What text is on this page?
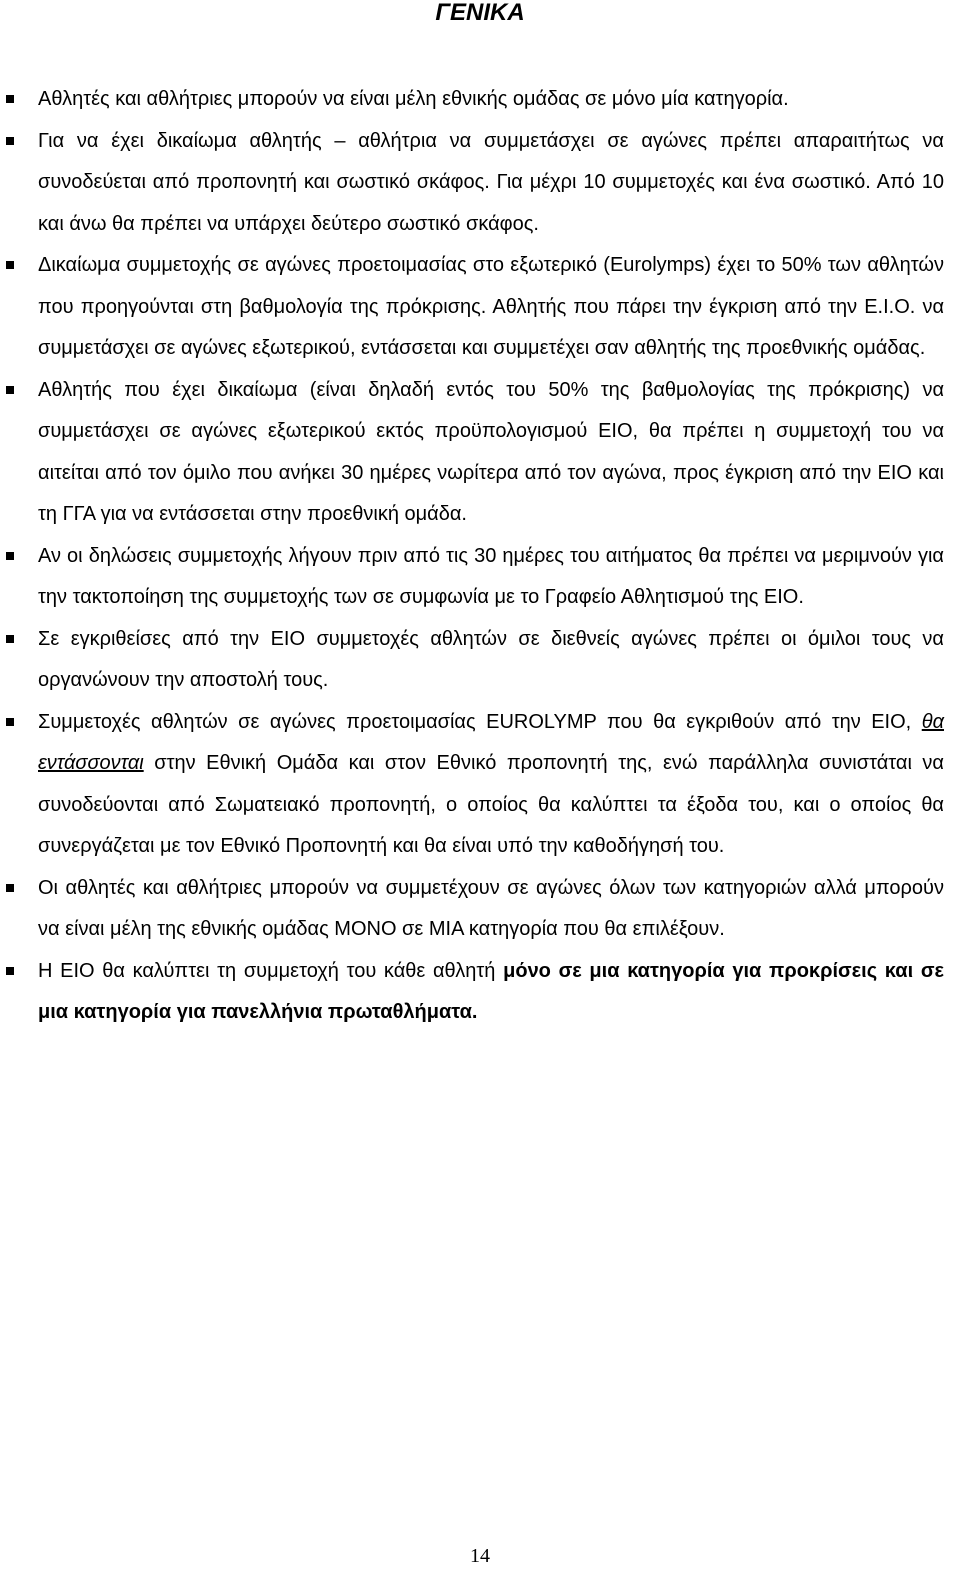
ΓΕΝΙΚΑ
Αθλητές και αθλήτριες μπορούν να είναι μέλη εθνικής ομάδας σε μόνο μία κατηγορία.
Για να έχει δικαίωμα αθλητής – αθλήτρια να συμμετάσχει σε αγώνες πρέπει απαραιτήτως να συνοδεύεται από προπονητή και σωστικό σκάφος. Για μέχρι 10 συμμετοχές και ένα σωστικό. Από 10 και άνω θα πρέπει να υπάρχει δεύτερο σωστικό σκάφος.
Δικαίωμα συμμετοχής σε αγώνες προετοιμασίας στο εξωτερικό (Eurolymps) έχει το 50% των αθλητών που προηγούνται στη βαθμολογία της πρόκρισης. Αθλητής που πάρει την έγκριση από την Ε.Ι.Ο. να συμμετάσχει σε αγώνες εξωτερικού, εντάσσεται και συμμετέχει σαν αθλητής της προεθνικής ομάδας.
Αθλητής που έχει δικαίωμα (είναι δηλαδή εντός του 50% της βαθμολογίας της πρόκρισης) να συμμετάσχει σε αγώνες εξωτερικού εκτός προϋπολογισμού ΕΙΟ, θα πρέπει η συμμετοχή του να αιτείται από τον όμιλο που ανήκει 30 ημέρες νωρίτερα από τον αγώνα, προς έγκριση από την ΕΙΟ και τη ΓΓΑ για να εντάσσεται στην προεθνική ομάδα.
Αν οι δηλώσεις συμμετοχής λήγουν πριν από τις 30 ημέρες του αιτήματος θα πρέπει να μεριμνούν για την τακτοποίηση της συμμετοχής των σε συμφωνία με το Γραφείο Αθλητισμού της ΕΙΟ.
Σε εγκριθείσες από την ΕΙΟ συμμετοχές αθλητών σε διεθνείς αγώνες πρέπει οι όμιλοι τους να οργανώνουν την αποστολή τους.
Συμμετοχές αθλητών σε αγώνες προετοιμασίας EUROLYMP που θα εγκριθούν από την ΕΙΟ, θα εντάσσονται στην Εθνική Ομάδα και στον Εθνικό προπονητή της, ενώ παράλληλα συνιστάται να συνοδεύονται από Σωματειακό προπονητή, ο οποίος θα καλύπτει τα έξοδα του, και ο οποίος θα συνεργάζεται με τον Εθνικό Προπονητή και θα είναι υπό την καθοδήγησή του.
Οι αθλητές και αθλήτριες μπορούν να συμμετέχουν σε αγώνες όλων των κατηγοριών αλλά μπορούν να είναι μέλη της εθνικής ομάδας ΜΟΝΟ σε ΜΙΑ κατηγορία που θα επιλέξουν.
Η ΕΙΟ θα καλύπτει τη συμμετοχή του κάθε αθλητή μόνο σε μια κατηγορία για προκρίσεις και σε μια κατηγορία για πανελλήνια πρωταθλήματα.
14
